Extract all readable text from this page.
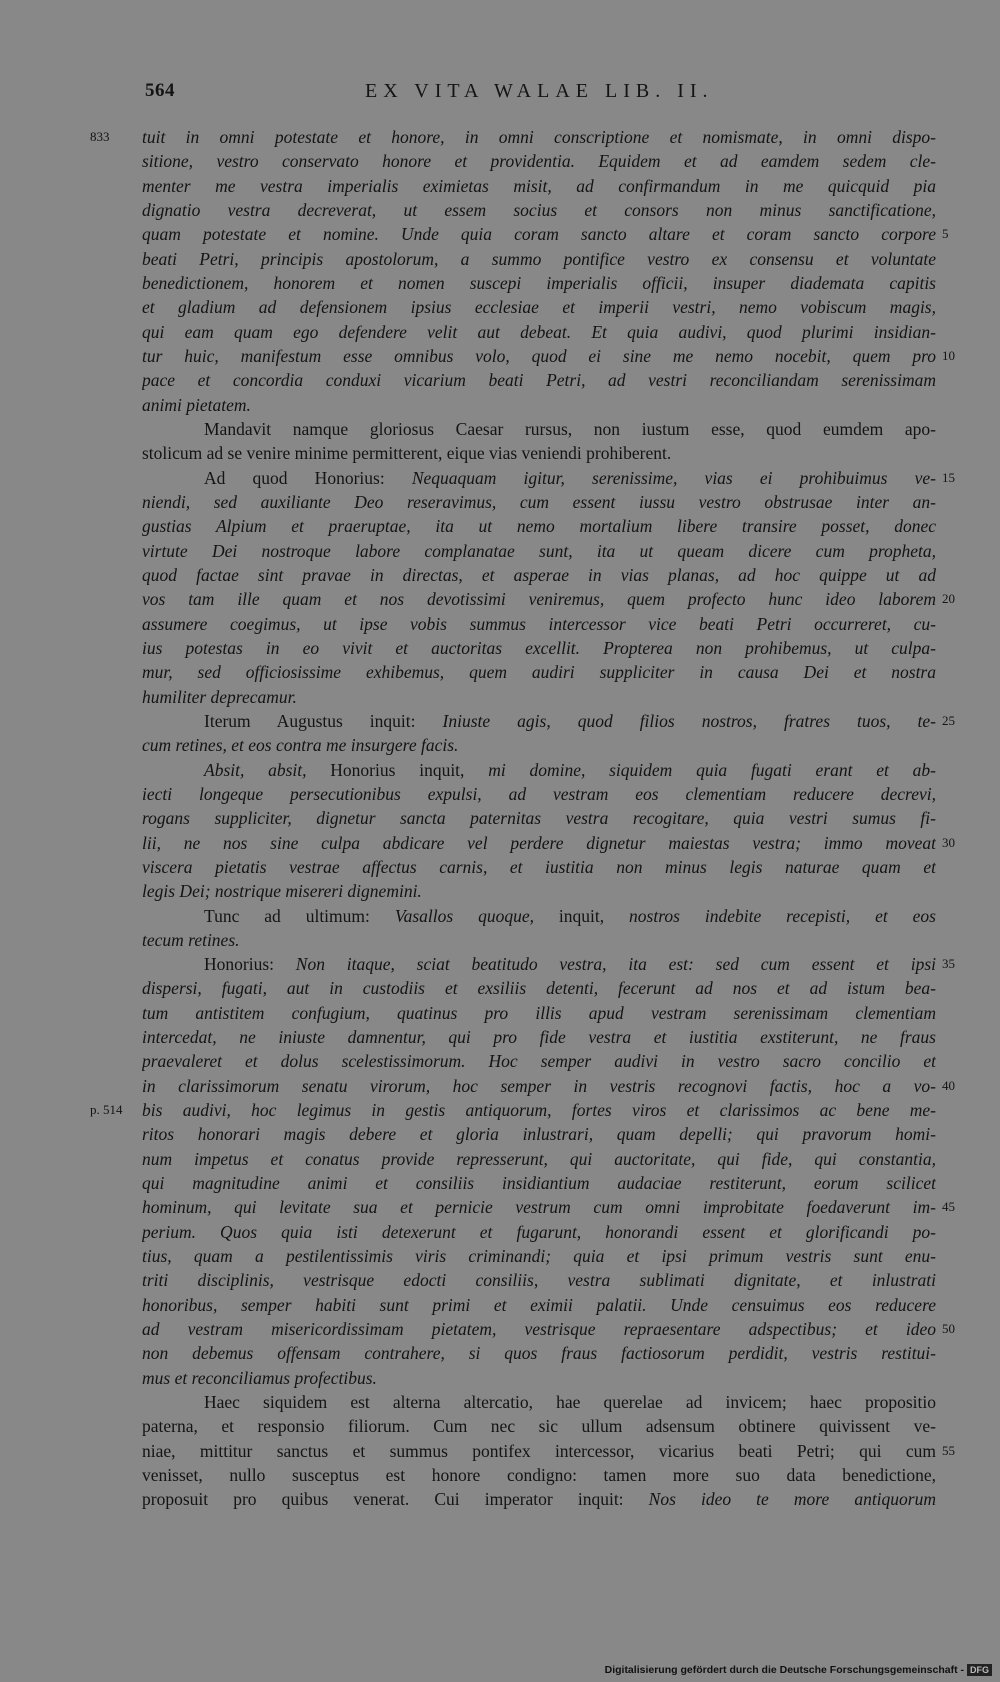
564	EX VITA WALAE LIB. II.
833 tuit in omni potestate et honore, in omni conscriptione et nomismate, in omni dispo-
sitione, vestro conservato honore et providentia. Equidem et ad eamdem sedem cle-
menter me vestra imperialis eximietas misit, ad confirmandum in me quicquid pia
dignatio vestra decreverat, ut essem socius et consors non minus sanctificatione,
quam potestate et nomine. Unde quia coram sancto altare et coram sancto corpore 5
beati Petri, principis apostolorum, a summo pontifice vestro ex consensu et voluntate
benedictionem, honorem et nomen suscepi imperialis officii, insuper diademata capitis
et gladium ad defensionem ipsius ecclesiae et imperii vestri, nemo vobiscum magis,
qui eam quam ego defendere velit aut debeat. Et quia audivi, quod plurimi insidian-
tur huic, manifestum esse omnibus volo, quod ei sine me nemo nocebit, quem pro 10
pace et concordia conduxi vicarium beati Petri, ad vestri reconciliandam serenissimam
animi pietatem.
Mandavit namque gloriosus Caesar rursus, non iustum esse, quod eumdem apo-
stolicum ad se venire minime permitterent, eique vias veniendi prohiberent.
Ad quod Honorius: Nequaquam igitur, serenissime, vias ei prohibuimus ve- 15
niendi, sed auxiliante Deo reseravimus, cum essent iussu vestro obstrusae inter an-
gustias Alpium et praeruptae, ita ut nemo mortalium libere transire posset, donec
virtute Dei nostroque labore complanatae sunt, ita ut queam dicere cum propheta,
quod factae sint pravae in directas, et asperae in vias planas, ad hoc quippe ut ad
vos tam ille quam et nos devotissimi veniremus, quem profecto hunc ideo laborem 20
assumere coegimus, ut ipse vobis summus intercessor vice beati Petri occurreret, cu-
ius potestas in eo vivit et auctoritas excellit. Propterea non prohibemus, ut culpa-
mur, sed officiosissime exhibemus, quem audiri suppliciter in causa Dei et nostra
humiliter deprecamur.
Iterum Augustus inquit: Iniuste agis, quod filios nostros, fratres tuos, te- 25
cum retines, et eos contra me insurgere facis.
Absit, absit, Honorius inquit, mi domine, siquidem quia fugati erant et ab-
iecti longeque persecutionibus expulsi, ad vestram eos clementiam reducere decrevi,
rogans suppliciter, dignetur sancta paternitas vestra recogitare, quia vestri sumus fi-
lii, ne nos sine culpa abdicare vel perdere dignetur maiestas vestra; immo moveat 30
viscera pietatis vestrae affectus carnis, et iustitia non minus legis naturae quam et
legis Dei; nostrique misereri dignemini.
Tunc ad ultimum: Vasallos quoque, inquit, nostros indebite recepisti, et eos
tecum retines.
Honorius: Non itaque, sciat beatitudo vestra, ita est: sed cum essent et ipsi 35
dispersi, fugati, aut in custodiis et exsiliis detenti, fecerunt ad nos et ad istum bea-
tum antistitem confugium, quatinus pro illis apud vestram serenissimam clementiam
intercedat, ne iniuste damnentur, qui pro fide vestra et iustitia exstiterunt, ne fraus
praevaleret et dolus scelestissimorum. Hoc semper audivi in vestro sacro concilio et
in clarissimorum senatu virorum, hoc semper in vestris recognovi factis, hoc a vo- 40
p. 514 bis audivi, hoc legimus in gestis antiquorum, fortes viros et clarissimos ac bene me-
ritos honorari magis debere et gloria inlustrari, quam depelli; qui pravorum homi-
num impetus et conatus provide represserunt, qui auctoritate, qui fide, qui constantia,
qui magnitudine animi et consiliis insidiantium audaciae restiterunt, eorum scilicet
hominum, qui levitate sua et pernicie vestrum cum omni improbitate foedaverunt im- 45
perium. Quos quia isti detexerunt et fugarunt, honorandi essent et glorificandi po-
tius, quam a pestilentissimis viris criminandi; quia et ipsi primum vestris sunt enu-
triti disciplinis, vestrisque edocti consiliis, vestra sublimati dignitate, et inlustrati
honoribus, semper habiti sunt primi et eximii palatii. Unde censuimus eos reducere
ad vestram misericordissimam pietatem, vestrisque repraesentare adspectibus; et ideo 50
non debemus offensam contrahere, si quos fraus factiosorum perdidit, vestris restitui-
mus et reconciliamus profectibus.
Haec siquidem est alterna altercatio, hae querelae ad invicem; haec propositio
paterna, et responsio filiorum. Cum nec sic ullum adsensum obtinere quivissent ve-
niae, mittitur sanctus et summus pontifex intercessor, vicarius beati Petri; qui cum 55
venisset, nullo susceptus est honore condigno: tamen more suo data benedictione,
proposuit pro quibus venerat. Cui imperator inquit: Nos ideo te more antiquorum
Digitalisierung gefördert durch die Deutsche Forschungsgemeinschaft - DFG
